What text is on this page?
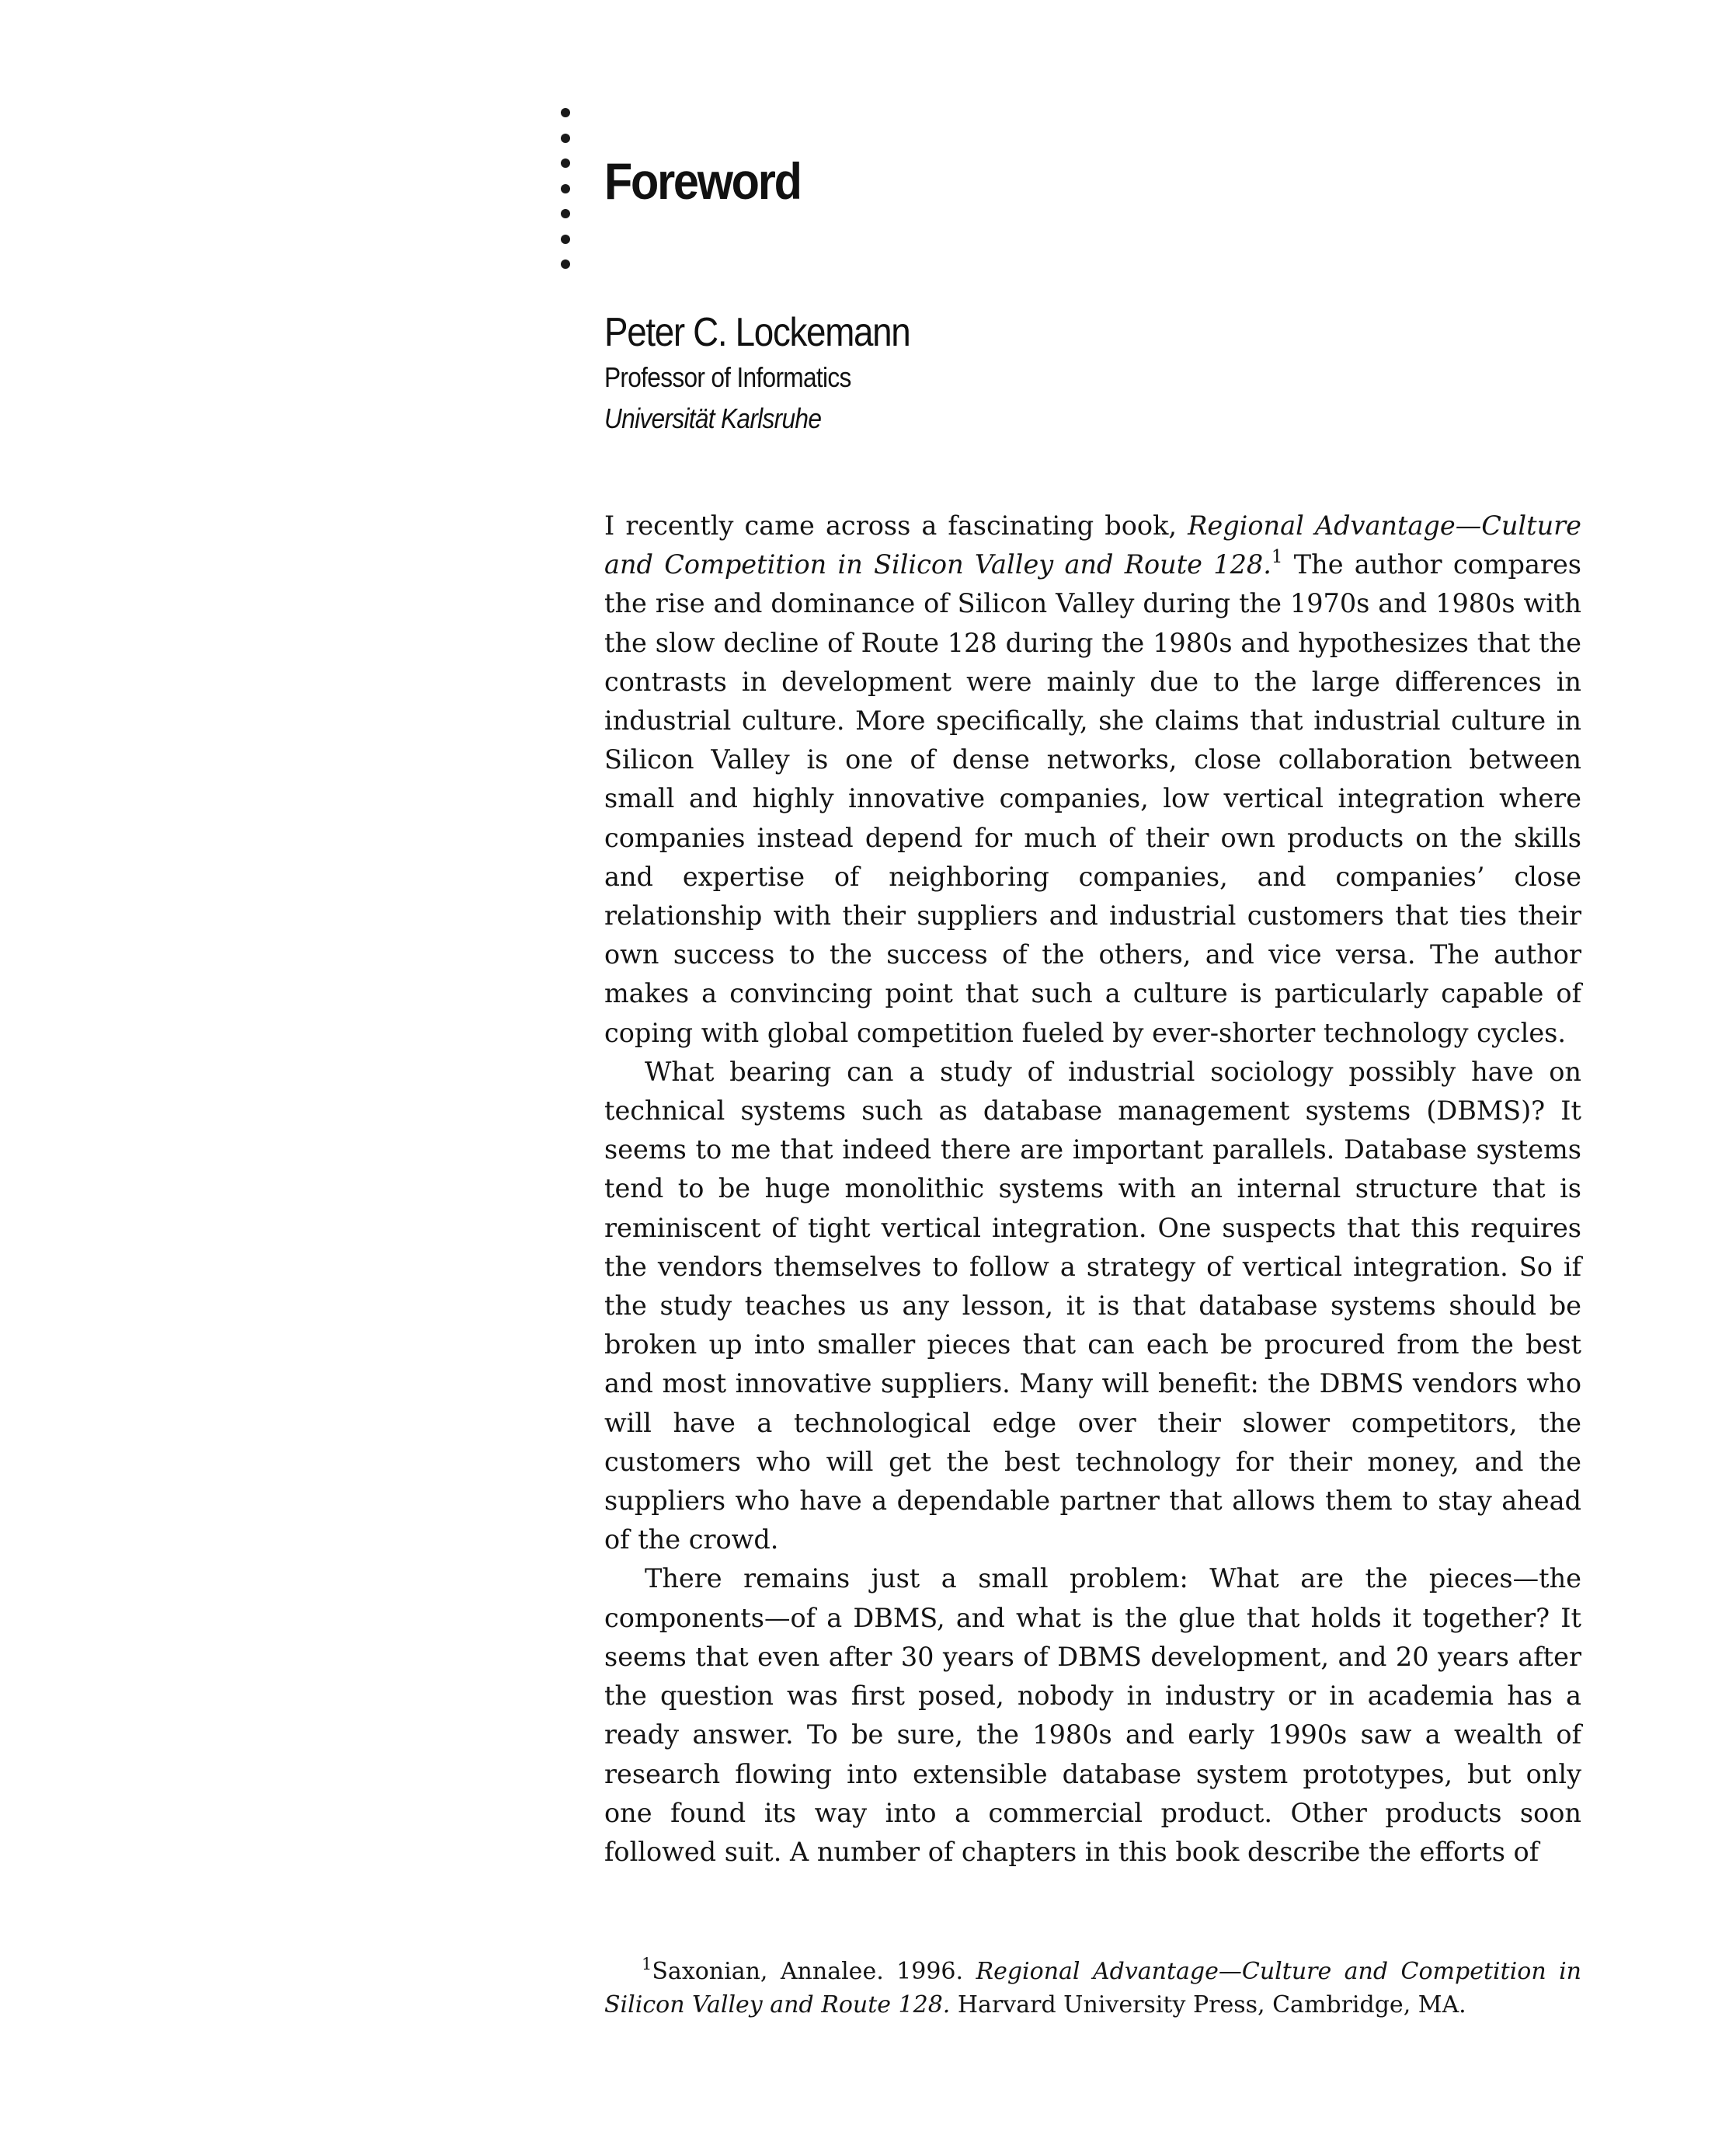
Foreword
Peter C. Lockemann
Professor of Informatics
Universität Karlsruhe

I recently came across a fascinating book, Regional Advantage—Culture and Competition in Silicon Valley and Route 128.$^1$ The author compares the rise and dominance of Silicon Valley during the 1970s and 1980s with the slow decline of Route 128 during the 1980s and hypothesizes that the contrasts in development were mainly due to the large differences in industrial culture. More specifically, she claims that industrial culture in Silicon Valley is one of dense networks, close collaboration between small and highly innovative companies, low vertical integration where companies instead depend for much of their own products on the skills and expertise of neighboring companies, and companies’ close relationship with their suppliers and industrial customers that ties their own success to the success of the others, and vice versa. The author makes a convincing point that such a culture is particularly capable of coping with global competition fueled by ever-shorter technology cycles.

What bearing can a study of industrial sociology possibly have on technical systems such as database management systems (DBMS)? It seems to me that indeed there are important parallels. Database systems tend to be huge monolithic systems with an internal structure that is reminiscent of tight vertical integration. One suspects that this requires the vendors themselves to follow a strategy of vertical integration. So if the study teaches us any lesson, it is that database systems should be broken up into smaller pieces that can each be procured from the best and most innovative suppliers. Many will benefit: the DBMS vendors who will have a technological edge over their slower competitors, the customers who will get the best technology for their money, and the suppliers who have a dependable partner that allows them to stay ahead of the crowd.

There remains just a small problem: What are the pieces—the components—of a DBMS, and what is the glue that holds it together? It seems that even after 30 years of DBMS development, and 20 years after the question was first posed, nobody in industry or in academia has a ready answer. To be sure, the 1980s and early 1990s saw a wealth of research flowing into extensible database system prototypes, but only one found its way into a commercial product. Other products soon followed suit. A number of chapters in this book describe the efforts of

$^1$Saxonian, Annalee. 1996. Regional Advantage—Culture and Competition in Silicon Valley and Route 128. Harvard University Press, Cambridge, MA.
